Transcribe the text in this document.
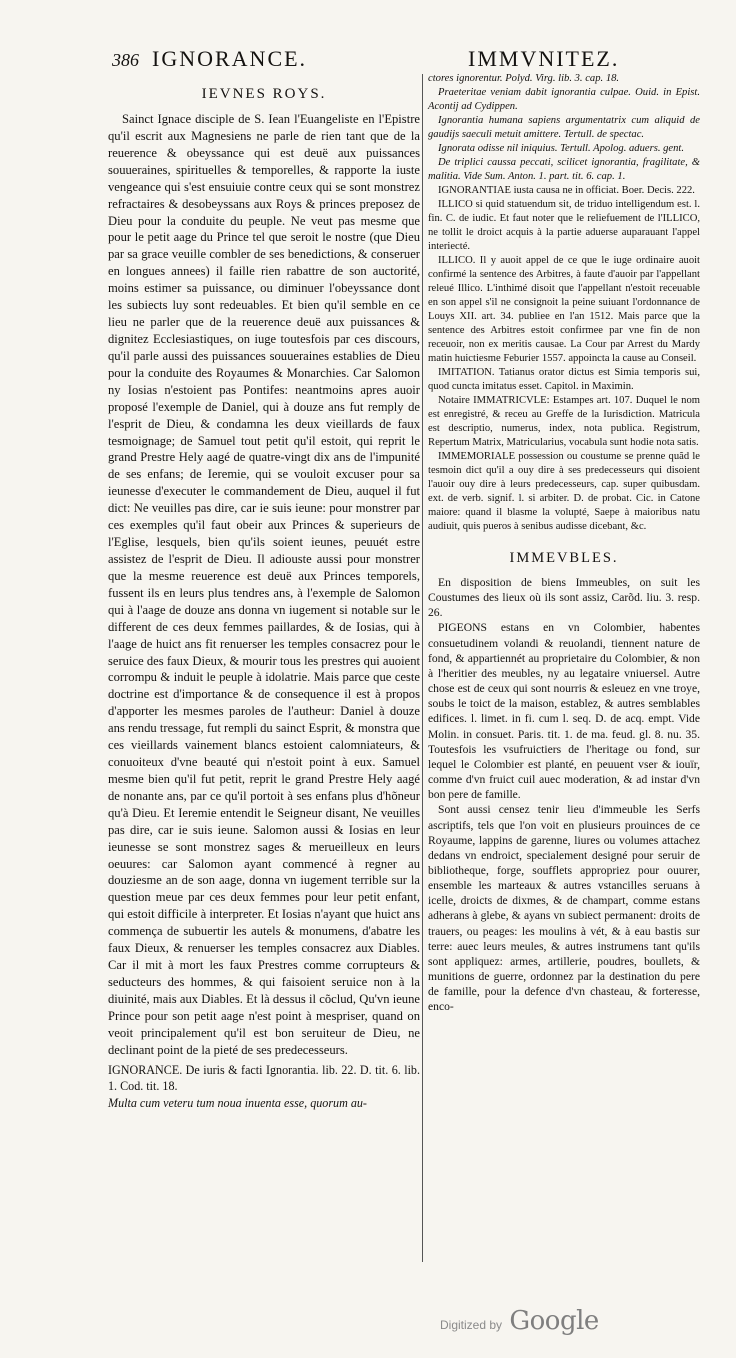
386 IGNORANCE.	IMMVNITEZ.
IEVNES ROYS.

Sainct Ignace disciple de S. Iean l'Euangeliste en l'Epistre qu'il escrit aux Magnesiens ne parle de rien tant que de la reuerence & obeyssance qui est deuë aux puissances souueraines, spirituelles & temporelles, & rapporte la iuste vengeance qui s'est ensuiuie contre ceux qui se sont monstrez refractaires & desobeyssans aux Roys & princes preposez de Dieu pour la conduite du peuple. Ne veut pas mesme que pour le petit aage du Prince tel que seroit le nostre (que Dieu par sa grace veuille combler de ses benedictions, & conseruer en longues annees) il faille rien rabattre de son auctorité, moins estimer sa puissance, ou diminuer l'obeyssance dont les subiects luy sont redeuables. Et bien qu'il semble en ce lieu ne parler que de la reuerence deuë aux puissances & dignitez Ecclesiastiques, on iuge toutesfois par ces discours, qu'il parle aussi des puissances souueraines establies de Dieu pour la conduite des Royaumes & Monarchies. Car Salomon ny Iosias n'estoient pas Pontifes: neantmoins apres auoir proposé l'exemple de Daniel, qui à douze ans fut remply de l'esprit de Dieu, & condamna les deux vieillards de faux tesmoignage; de Samuel tout petit qu'il estoit, qui reprit le grand Prestre Hely aagé de quatre-vingt dix ans de l'impunité de ses enfans; de Ieremie, qui se vouloit excuser pour sa ieunesse d'executer le commandement de Dieu, auquel il fut dict: Ne veuilles pas dire, car ie suis ieune: pour monstrer par ces exemples qu'il faut obeir aux Princes & superieurs de l'Eglise, lesquels, bien qu'ils soient ieunes, peuuét estre assistez de l'esprit de Dieu. Il adiouste aussi pour monstrer que la mesme reuerence est deuë aux Princes temporels, fussent ils en leurs plus tendres ans, à l'exemple de Salomon qui à l'aage de douze ans donna vn iugement si notable sur le different de ces deux femmes paillardes, & de Iosias, qui à l'aage de huict ans fit renuerser les temples consacrez pour le seruice des faux Dieux, & mourir tous les prestres qui auoient corrompu & induit le peuple à idolatrie. Mais parce que ceste doctrine est d'importance & de consequence il est à propos d'apporter les mesmes paroles de l'autheur: Daniel à douze ans rendu tressage, fut rempli du sainct Esprit, & monstra que ces vieillards vainement blancs estoient calomniateurs, & conuoiteux d'vne beauté qui n'estoit point à eux. Samuel mesme bien qu'il fut petit, reprit le grand Prestre Hely aagé de nonante ans, par ce qu'il portoit à ses enfans plus d'hõneur qu'à Dieu. Et Ieremie entendit le Seigneur disant, Ne veuilles pas dire, car ie suis ieune. Salomon aussi & Iosias en leur ieunesse se sont monstrez sages & merueilleux en leurs oeuures: car Salomon ayant commencé à regner au douziesme an de son aage, donna vn iugement terrible sur la question meue par ces deux femmes pour leur petit enfant, qui estoit difficile à interpreter. Et Iosias n'ayant que huict ans commença de subuertir les autels & monumens, d'abatre les faux Dieux, & renuerser les temples consacrez aux Diables. Car il mit à mort les faux Prestres comme corrupteurs & seducteurs des hommes, & qui faisoient seruice non à la diuinité, mais aux Diables. Et là dessus il cõclud, Qu'vn ieune Prince pour son petit aage n'est point à mespriser, quand on veoit principalement qu'il est bon seruiteur de Dieu, ne declinant point de la pieté de ses predecesseurs.

IGNORANCE. De iuris & facti Ignorantia. lib. 22. D. tit. 6. lib. 1. Cod. tit. 18.

Multa cum veteru tum noua inuenta esse, quorum au-

ctores ignorentur. Polyd. Virg. lib. 3. cap. 18.

Praeteritae veniam dabit ignorantia culpae. Ouid. in Epist. Acontij ad Cydippen.

Ignorantia humana sapiens argumentatrix cum aliquid de gaudijs saeculi metuit amittere. Tertull. de spectac.

Ignorata odisse nil iniquius. Tertull. Apolog. aduers. gent.

De triplici caussa peccati, scilicet ignorantia, fragilitate, & malitia. Vide Sum. Anton. 1. part. tit. 6. cap. 1.

IGNORANTIAE iusta causa ne in officiat. Boer. Decis. 222.

ILLICO si quid statuendum sit, de triduo intelligendum est. l. fin. C. de iudic. Et faut noter que le reliefuement de l'ILLICO, ne tollit le droict acquis à la partie aduerse auparauant l'appel interiecté.

ILLICO. Il y auoit appel de ce que le iuge ordinaire auoit confirmé la sentence des Arbitres, à faute d'auoir par l'appellant releué Illico. L'inthimé disoit que l'appellant n'estoit receuable en son appel s'il ne consignoit la peine suiuant l'ordonnance de Louys XII. art. 34. publiee en l'an 1512. Mais parce que la sentence des Arbitres estoit confirmee par vne fin de non receuoir, non ex meritis causae. La Cour par Arrest du Mardy matin huictiesme Feburier 1557. appoincta la cause au Conseil.

IMITATION. Tatianus orator dictus est Simia temporis sui, quod cuncta imitatus esset. Capitol. in Maximin.

Notaire IMMATRICVLE: Estampes art. 107. Duquel le nom est enregistré, & receu au Greffe de la Iurisdiction. Matricula est descriptio, numerus, index, nota publica. Registrum, Repertum Matrix, Matricularius, vocabula sunt hodie nota satis.

IMMEMORIALE possession ou coustume se prenne quãd le tesmoin dict qu'il a ouy dire à ses predecesseurs qui disoient l'auoir ouy dire à leurs predecesseurs, cap. super quibusdam. ext. de verb. signif. l. si arbiter. D. de probat. Cic. in Catone maiore: quand il blasme la volupté, Saepe à maioribus natu audiuit, quis pueros à senibus audisse dicebant, &c.

IMMEVBLES.

En disposition de biens Immeubles, on suit les Coustumes des lieux où ils sont assiz, Carõd. liu. 3. resp. 26.

PIGEONS estans en vn Colombier, habentes consuetudinem volandi & reuolandi, tiennent nature de fond, & appartiennét au proprietaire du Colombier, & non à l'heritier des meubles, ny au legataire vniuersel. Autre chose est de ceux qui sont nourris & esleuez en vne troye, soubs le toict de la maison, establez, & autres semblables edifices. l. limet. in fi. cum l. seq. D. de acq. empt. Vide Molin. in consuet. Paris. tit. 1. de ma. feud. gl. 8. nu. 35. Toutesfois les vsufruictiers de l'heritage ou fond, sur lequel le Colombier est planté, en peuuent vser & iouïr, comme d'vn fruict cuil auec moderation, & ad instar d'vn bon pere de famille.

Sont aussi censez tenir lieu d'immeuble les Serfs ascriptifs, tels que l'on voit en plusieurs prouinces de ce Royaume, lappins de garenne, liures ou volumes attachez dedans vn endroict, specialement designé pour seruir de bibliotheque, forge, soufflets appropriez pour ouurer, ensemble les marteaux & autres vstancilles seruans à icelle, droicts de dixmes, & de champart, comme estans adherans à glebe, & ayans vn subiect permanent: droits de trauers, ou peages: les moulins à vét, & à eau bastis sur terre: auec leurs meules, & autres instrumens tant qu'ils sont appliquez: armes, artillerie, poudres, boullets, & munitions de guerre, ordonnez par la destination du pere de famille, pour la defence d'vn chasteau, & forteresse, enco-

Digitized by Google
